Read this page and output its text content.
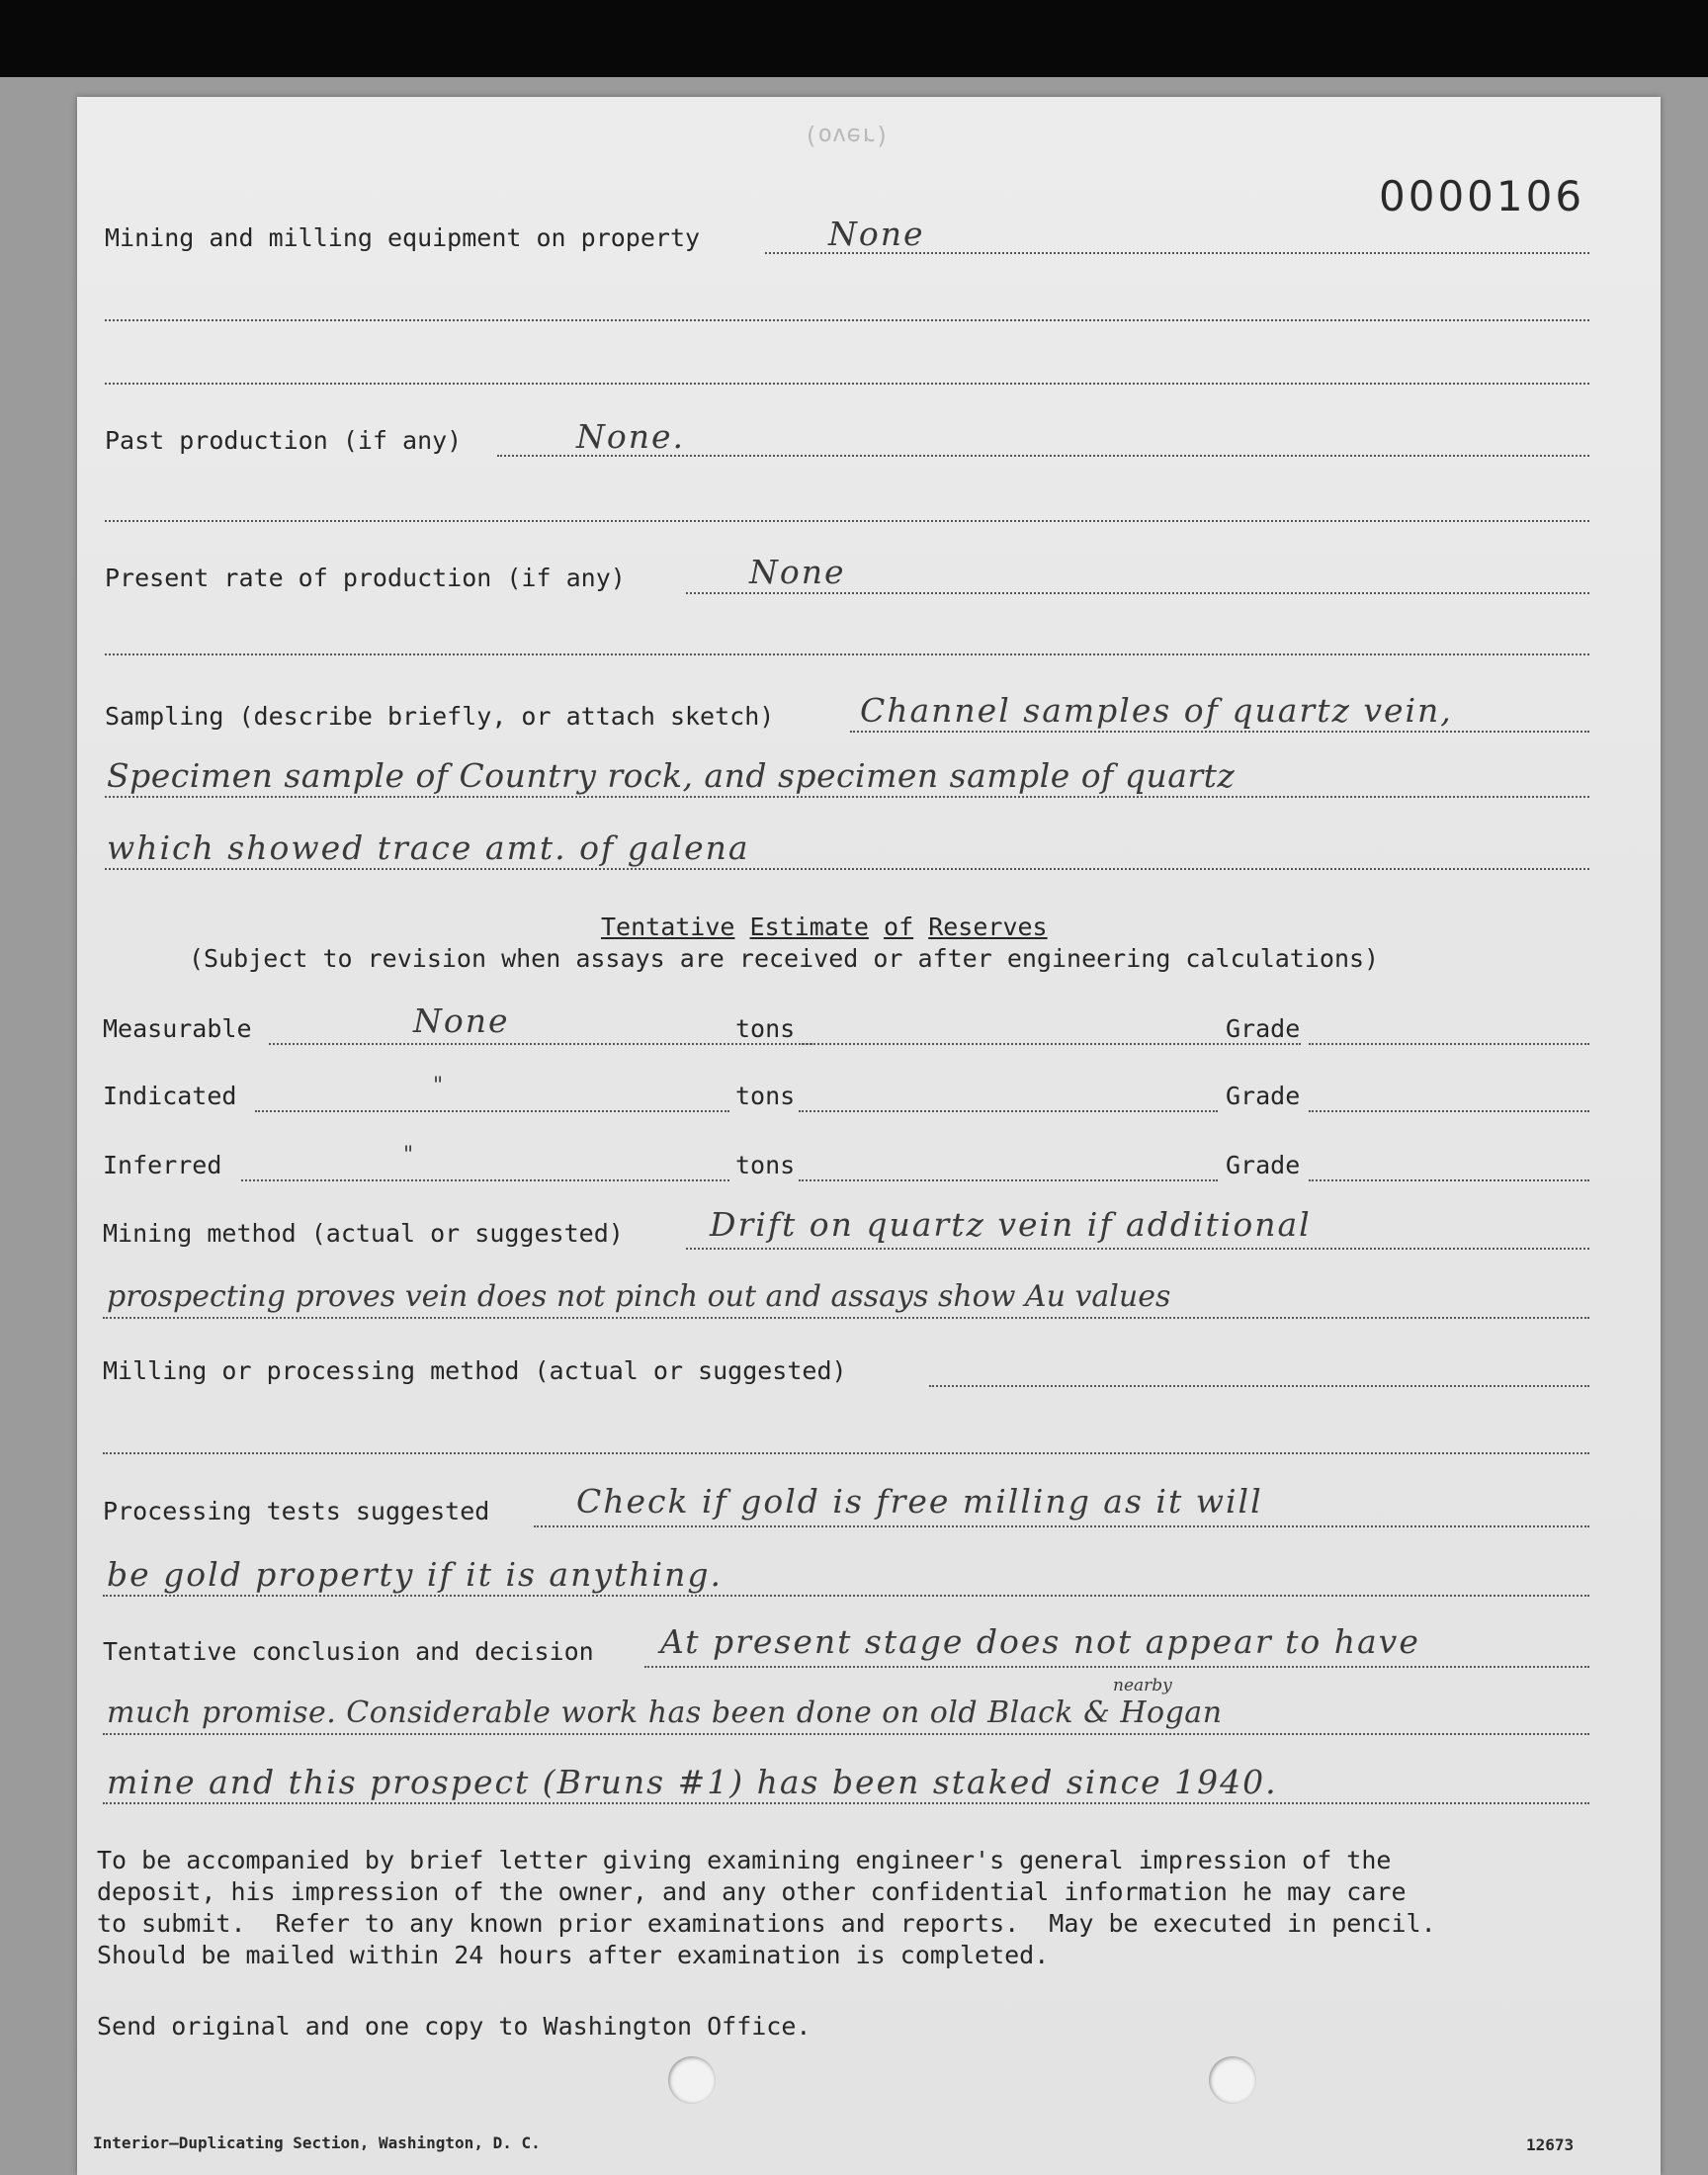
(over)
0000106
Mining and milling equipment on property	None
Past production (if any)	None.
Present rate of production (if any)	None
Sampling (describe briefly, or attach sketch)	Channel samples of quartz vein,
Specimen sample of Country rock, and specimen sample of quartz
which showed trace amt. of galena
Tentative Estimate of Reserves
(Subject to revision when assays are received or after engineering calculations)
Measurable	None	tons	Grade
Indicated	"	tons	Grade
Inferred	"	tons	Grade
Mining method (actual or suggested)	Drift on quartz vein if additional
prospecting proves vein does not pinch out and assays show Au values
Milling or processing method (actual or suggested)
Processing tests suggested	Check if gold is free milling as it will
be gold property if it is anything.
Tentative conclusion and decision At present stage does not appear to have
nearby
much promise. Considerable work has been done on old Black & Hogan
mine and this prospect (Bruns #1) has been staked since 1940.
To be accompanied by brief letter giving examining engineer's general impression of the
deposit, his impression of the owner, and any other confidential information he may care
to submit.  Refer to any known prior examinations and reports.  May be executed in pencil.
Should be mailed within 24 hours after examination is completed.
Send original and one copy to Washington Office.
Interior—Duplicating Section, Washington, D. C.	12673
